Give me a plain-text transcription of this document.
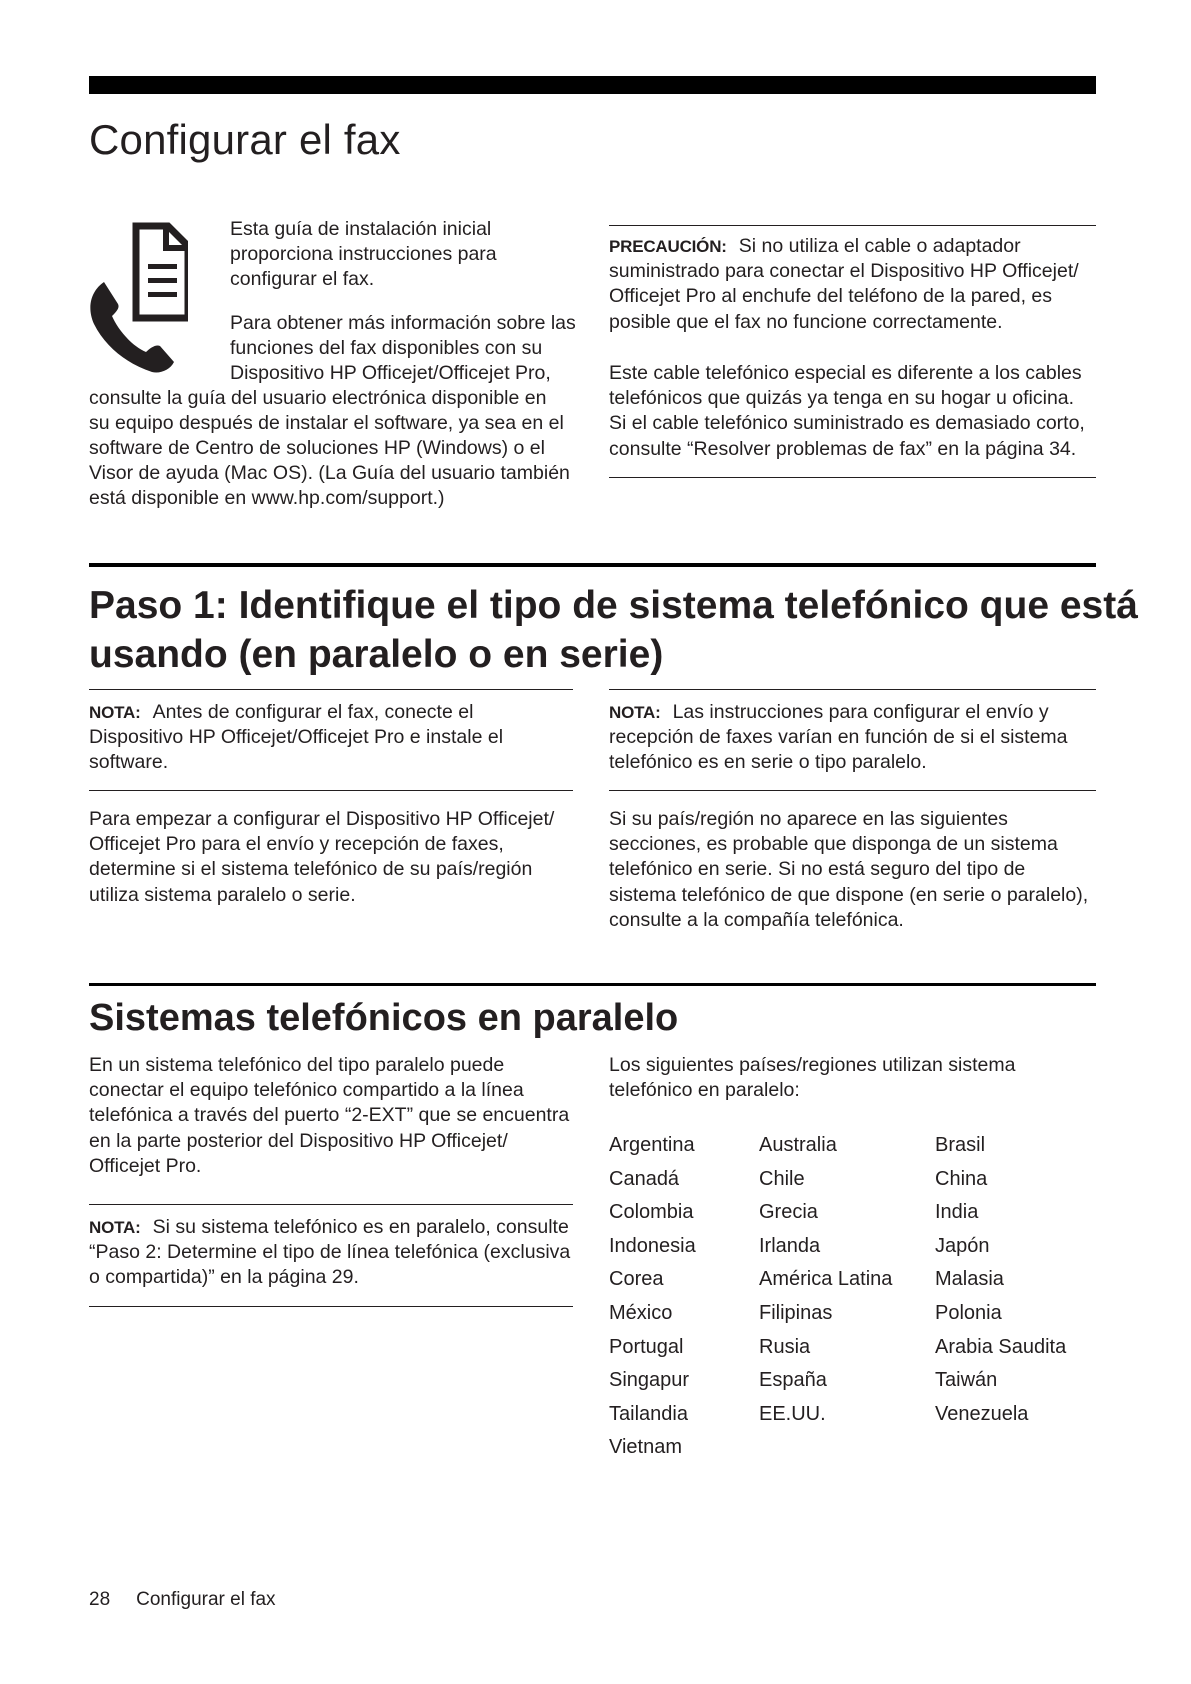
Configurar el fax

Esta guía de instalación inicial proporciona instrucciones para configurar el fax.

Para obtener más información sobre las

funciones del fax disponibles con su

Dispositivo HP Officejet/Officejet Pro,

consulte la guía del usuario electrónica disponible en

su equipo después de instalar el software, ya sea en el

software de Centro de soluciones HP (Windows) o el

Visor de ayuda (Mac OS). (La Guía del usuario también

está disponible en www.hp.com/support.)

PRECAUCIÓN: Si no utiliza el cable o adaptador suministrado para conectar el Dispositivo HP Officejet/ Officejet Pro al enchufe del teléfono de la pared, es posible que el fax no funcione correctamente.

Este cable telefónico especial es diferente a los cables telefónicos que quizás ya tenga en su hogar u oficina. Si el cable telefónico suministrado es demasiado corto, consulte “Resolver problemas de fax” en la página 34.

Paso 1: Identifique el tipo de sistema telefónico que está
usando (en paralelo o en serie)

NOTA: Antes de configurar el fax, conecte el Dispositivo HP Officejet/Officejet Pro e instale el software.

NOTA: Las instrucciones para configurar el envío y recepción de faxes varían en función de si el sistema telefónico es en serie o tipo paralelo.

Para empezar a configurar el Dispositivo HP Officejet/ Officejet Pro para el envío y recepción de faxes, determine si el sistema telefónico de su país/región utiliza sistema paralelo o serie.

Si su país/región no aparece en las siguientes secciones, es probable que disponga de un sistema telefónico en serie. Si no está seguro del tipo de sistema telefónico de que dispone (en serie o paralelo), consulte a la compañía telefónica.

Sistemas telefónicos en paralelo

En un sistema telefónico del tipo paralelo puede conectar el equipo telefónico compartido a la línea telefónica a través del puerto “2-EXT” que se encuentra en la parte posterior del Dispositivo HP Officejet/ Officejet Pro.

NOTA: Si su sistema telefónico es en paralelo, consulte “Paso 2: Determine el tipo de línea telefónica (exclusiva o compartida)” en la página 29.

Los siguientes países/regiones utilizan sistema telefónico en paralelo:

Argentina	Australia	Brasil
Canadá	Chile	China
Colombia	Grecia	India
Indonesia	Irlanda	Japón
Corea	América Latina	Malasia
México	Filipinas	Polonia
Portugal	Rusia	Arabia Saudita
Singapur	España	Taiwán
Tailandia	EE.UU.	Venezuela
Vietnam
28 Configurar el fax
